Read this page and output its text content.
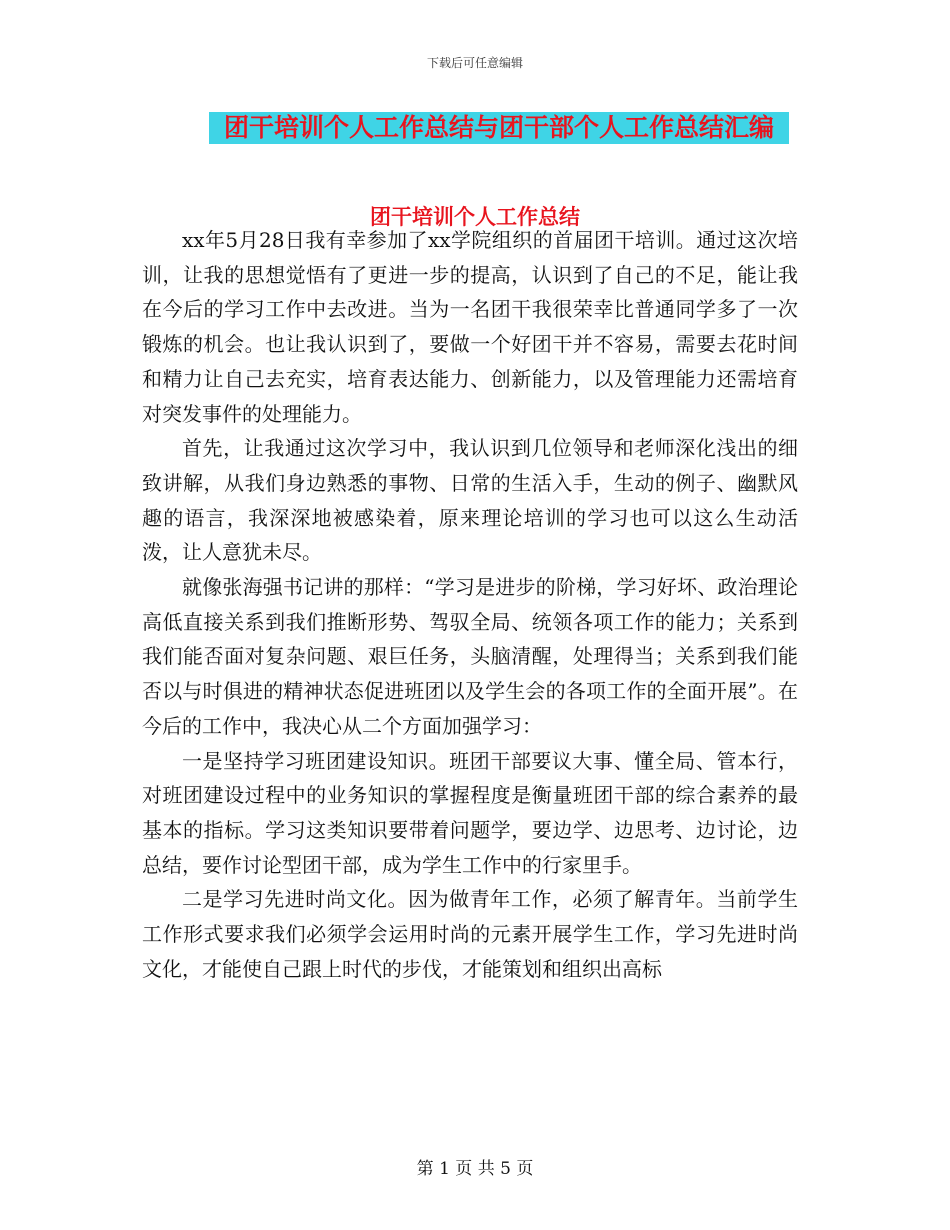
下载后可任意编辑
团干培训个人工作总结与团干部个人工作总结汇编
团干培训个人工作总结

xx年5月28日我有幸参加了xx学院组织的首届团干培训。通过这次培训，让我的思想觉悟有了更进一步的提高，认识到了自己的不足，能让我在今后的学习工作中去改进。当为一名团干我很荣幸比普通同学多了一次锻炼的机会。也让我认识到了，要做一个好团干并不容易，需要去花时间和精力让自己去充实，培育表达能力、创新能力，以及管理能力还需培育对突发事件的处理能力。

首先，让我通过这次学习中，我认识到几位领导和老师深化浅出的细致讲解，从我们身边熟悉的事物、日常的生活入手，生动的例子、幽默风趣的语言，我深深地被感染着，原来理论培训的学习也可以这么生动活泼，让人意犹未尽。

就像张海强书记讲的那样：“学习是进步的阶梯，学习好坏、政治理论高低直接关系到我们推断形势、驾驭全局、统领各项工作的能力；关系到我们能否面对复杂问题、艰巨任务，头脑清醒，处理得当；关系到我们能否以与时俱进的精神状态促进班团以及学生会的各项工作的全面开展”。在今后的工作中，我决心从二个方面加强学习：

一是坚持学习班团建设知识。班团干部要议大事、懂全局、管本行，对班团建设过程中的业务知识的掌握程度是衡量班团干部的综合素养的最基本的指标。学习这类知识要带着问题学，要边学、边思考、边讨论，边总结，要作讨论型团干部，成为学生工作中的行家里手。

二是学习先进时尚文化。因为做青年工作，必须了解青年。当前学生工作形式要求我们必须学会运用时尚的元素开展学生工作，学习先进时尚文化，才能使自己跟上时代的步伐，才能策划和组织出高标

第 1 页 共 5 页
